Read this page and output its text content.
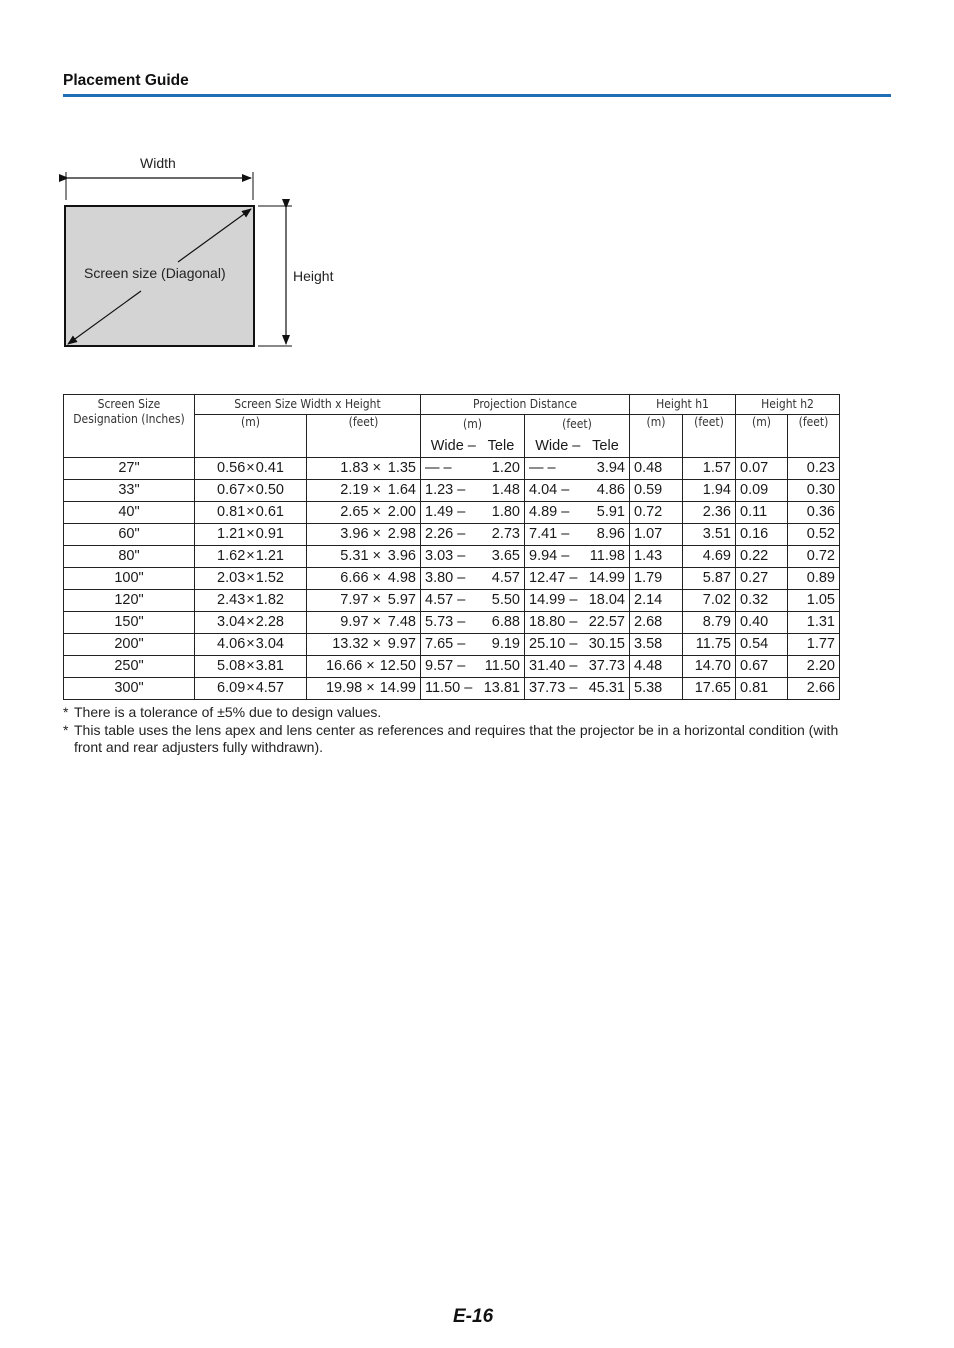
Placement Guide
Width
Height
Screen size (Diagonal)
Screen Size
Designation (Inches)	Screen Size Width x Height		Projection Distance		Height h1		Height h2	
	(m)	(feet)	(m)	(feet)	(m)	(feet)	(m)	(feet)
			Wide –   Tele	Wide –   Tele				
27"	0.56×0.41	1.83 × 1.35	— – 1.20	— – 3.94	0.48	1.57	0.07	0.23
33"	0.67×0.50	2.19 × 1.64	1.23 – 1.48	4.04 – 4.86	0.59	1.94	0.09	0.30
40"	0.81×0.61	2.65 × 2.00	1.49 – 1.80	4.89 – 5.91	0.72	2.36	0.11	0.36
60"	1.21×0.91	3.96 × 2.98	2.26 – 2.73	7.41 – 8.96	1.07	3.51	0.16	0.52
80"	1.62×1.21	5.31 × 3.96	3.03 – 3.65	9.94 – 11.98	1.43	4.69	0.22	0.72
100"	2.03×1.52	6.66 × 4.98	3.80 – 4.57	12.47 – 14.99	1.79	5.87	0.27	0.89
120"	2.43×1.82	7.97 × 5.97	4.57 – 5.50	14.99 – 18.04	2.14	7.02	0.32	1.05
150"	3.04×2.28	9.97 × 7.48	5.73 – 6.88	18.80 – 22.57	2.68	8.79	0.40	1.31
200"	4.06×3.04	13.32 × 9.97	7.65 – 9.19	25.10 – 30.15	3.58	11.75	0.54	1.77
250"	5.08×3.81	16.66 × 12.50	9.57 – 11.50	31.40 – 37.73	4.48	14.70	0.67	2.20
300"	6.09×4.57	19.98 × 14.99	11.50 – 13.81	37.73 – 45.31	5.38	17.65	0.81	2.66
* There is a tolerance of ±5% due to design values.
* This table uses the lens apex and lens center as references and requires that the projector be in a horizontal condition (with front and rear adjusters fully withdrawn).
E-16
